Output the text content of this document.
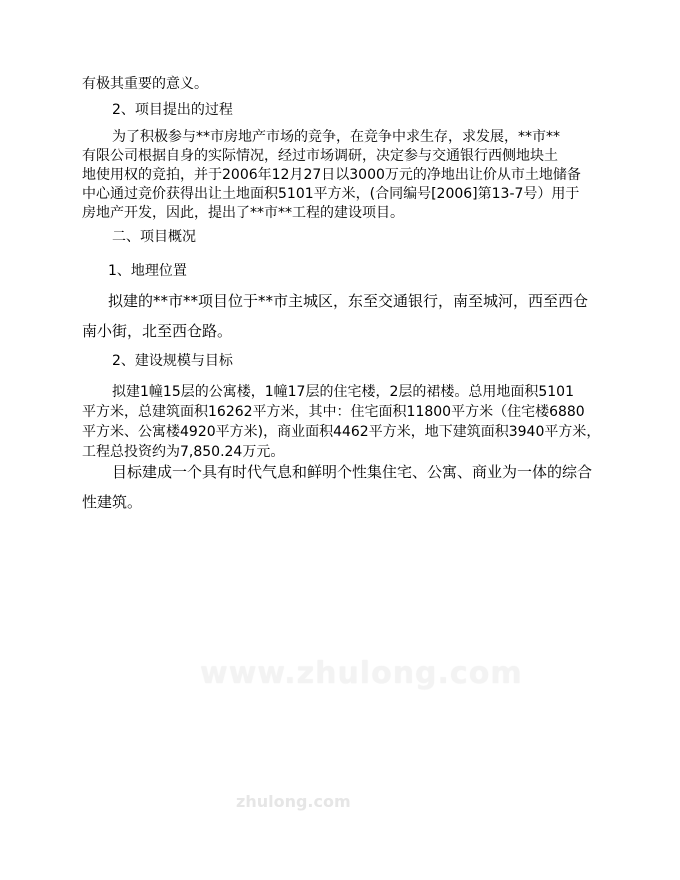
有极其重要的意义。
2、项目提出的过程
为了积极参与**市房地产市场的竞争，在竞争中求生存，求发展，**市**
有限公司根据自身的实际情况，经过市场调研，决定参与交通银行西侧地块土
地使用权的竞拍，并于2006年12月27日以3000万元的净地出让价从市土地储备
中心通过竞价获得出让土地面积5101平方米，(合同编号[2006]第13-7号）用于
房地产开发，因此，提出了**市**工程的建设项目。
二、项目概况
1、地理位置
拟建的**市**项目位于**市主城区，东至交通银行，南至城河，西至西仓
南小街，北至西仓路。
2、建设规模与目标
拟建1幢15层的公寓楼，1幢17层的住宅楼，2层的裙楼。总用地面积5101
平方米，总建筑面积16262平方米，其中：住宅面积11800平方米（住宅楼6880
平方米、公寓楼4920平方米)，商业面积4462平方米，地下建筑面积3940平方米，
工程总投资约为7,850.24万元。
目标建成一个具有时代气息和鲜明个性集住宅、公寓、商业为一体的综合
性建筑。
www.zhulong.com
zhulong.com
